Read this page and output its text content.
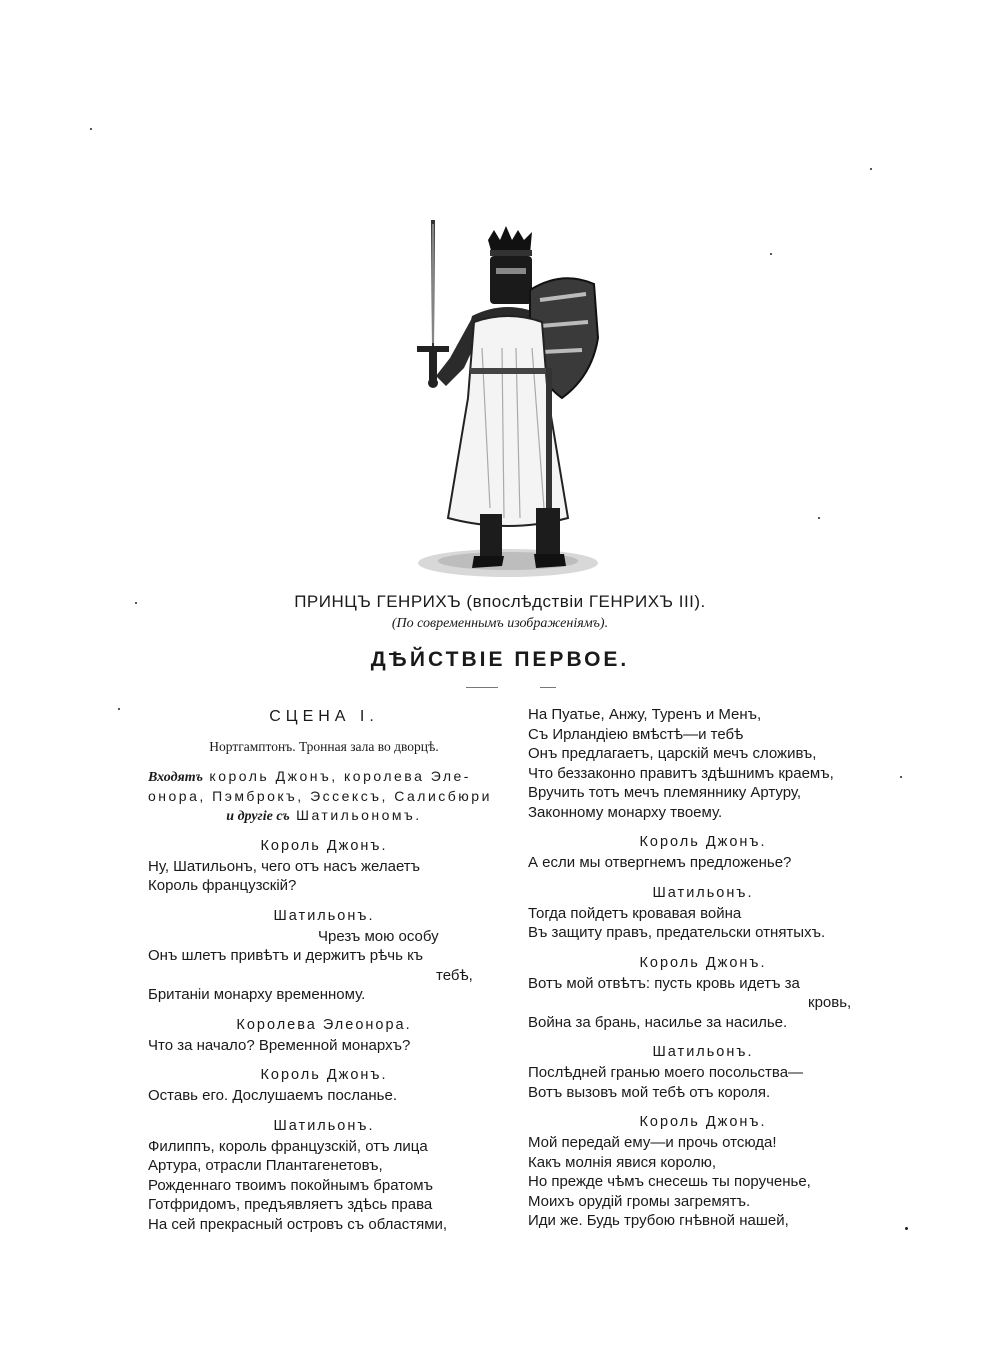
ПРИНЦЪ ГЕНРИХЪ (впослѣдствіи ГЕНРИХЪ III).
(По современнымъ изображеніямъ).
ДѢЙСТВІЕ ПЕРВОЕ.
СЦЕНА I.
Нортгамптонъ. Тронная зала во дворцѣ.
Входятъ король Джонъ, королева Эле-
онора, Пэмброкъ, Эссексъ, Салисбюри
и другіе съ Шатильономъ.
Король Джонъ.
Ну, Шатильонъ, чего отъ насъ желаетъ
Король французскій?
Шатильонъ.
Чрезъ мою особу
Онъ шлетъ привѣтъ и держитъ рѣчь къ
тебѣ,
Британіи монарху временному.
Королева Элеонора.
Что за начало? Временной монархъ?
Король Джонъ.
Оставь его. Дослушаемъ посланье.
Шатильонъ.
Филиппъ, король французскій, отъ лица
Артура, отрасли Плантагенетовъ,
Рожденнаго твоимъ покойнымъ братомъ
Готфридомъ, предъявляетъ здѣсь права
На сей прекрасный островъ съ областями,
На Пуатье, Анжу, Туренъ и Менъ,
Съ Ирландіею вмѣстѣ—и тебѣ
Онъ предлагаетъ, царскій мечъ сложивъ,
Что беззаконно правитъ здѣшнимъ краемъ,
Вручить тотъ мечъ племяннику Артуру,
Законному монарху твоему.
Король Джонъ.
А если мы отвергнемъ предложенье?
Шатильонъ.
Тогда пойдетъ кровавая война
Въ защиту правъ, предательски отнятыхъ.
Король Джонъ.
Вотъ мой отвѣтъ: пусть кровь идетъ за
кровь,
Война за брань, насилье за насилье.
Шатильонъ.
Послѣдней гранью моего посольства—
Вотъ вызовъ мой тебѣ отъ короля.
Король Джонъ.
Мой передай ему—и прочь отсюда!
Какъ молнія явися королю,
Но прежде чѣмъ снесешь ты порученье,
Моихъ орудій громы загремятъ.
Иди же. Будь трубою гнѣвной нашей,
